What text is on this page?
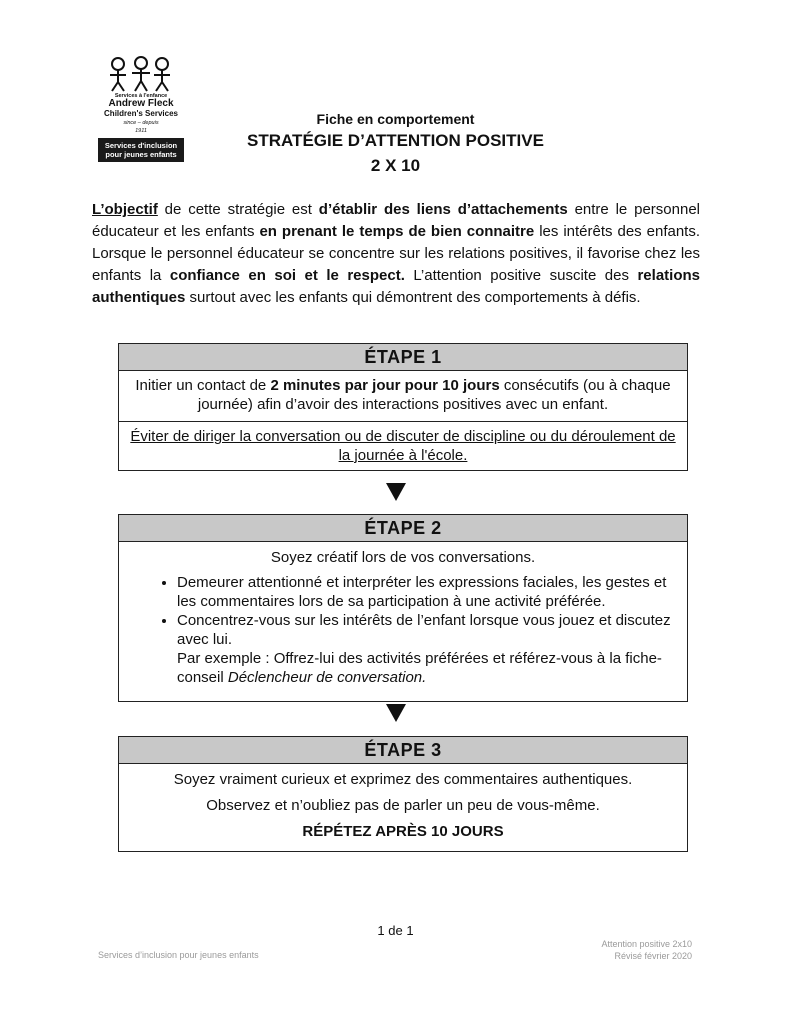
Services à l'enfance
Andrew Fleck
Children's Services
since – depuis
1911
Services d'inclusion
pour jeunes enfants
Fiche en comportement
STRATÉGIE D’ATTENTION POSITIVE
2 X 10
L’objectif de cette stratégie est d’établir des liens d’attachements entre le personnel éducateur et les enfants en prenant le temps de bien connaitre les intérêts des enfants. Lorsque le personnel éducateur se concentre sur les relations positives, il favorise chez les enfants la confiance en soi et le respect. L’attention positive suscite des relations authentiques surtout avec les enfants qui démontrent des comportements à défis.
ÉTAPE 1
Initier un contact de 2 minutes par jour pour 10 jours consécutifs (ou à chaque journée) afin d’avoir des interactions positives avec un enfant.
Éviter de diriger la conversation ou de discuter de discipline ou du déroulement de la journée à l'école.
ÉTAPE 2
Soyez créatif lors de vos conversations.
• Demeurer attentionné et interpréter les expressions faciales, les gestes et les commentaires lors de sa participation à une activité préférée.
• Concentrez-vous sur les intérêts de l’enfant lorsque vous jouez et discutez avec lui.
Par exemple : Offrez-lui des activités préférées et référez-vous à la fiche-conseil Déclencheur de conversation.
ÉTAPE 3
Soyez vraiment curieux et exprimez des commentaires authentiques.
Observez et n’oubliez pas de parler un peu de vous-même.
RÉPÉTEZ APRÈS 10 JOURS
1 de 1
Services d’inclusion pour jeunes enfants
Attention positive 2x10
Révisé février 2020
